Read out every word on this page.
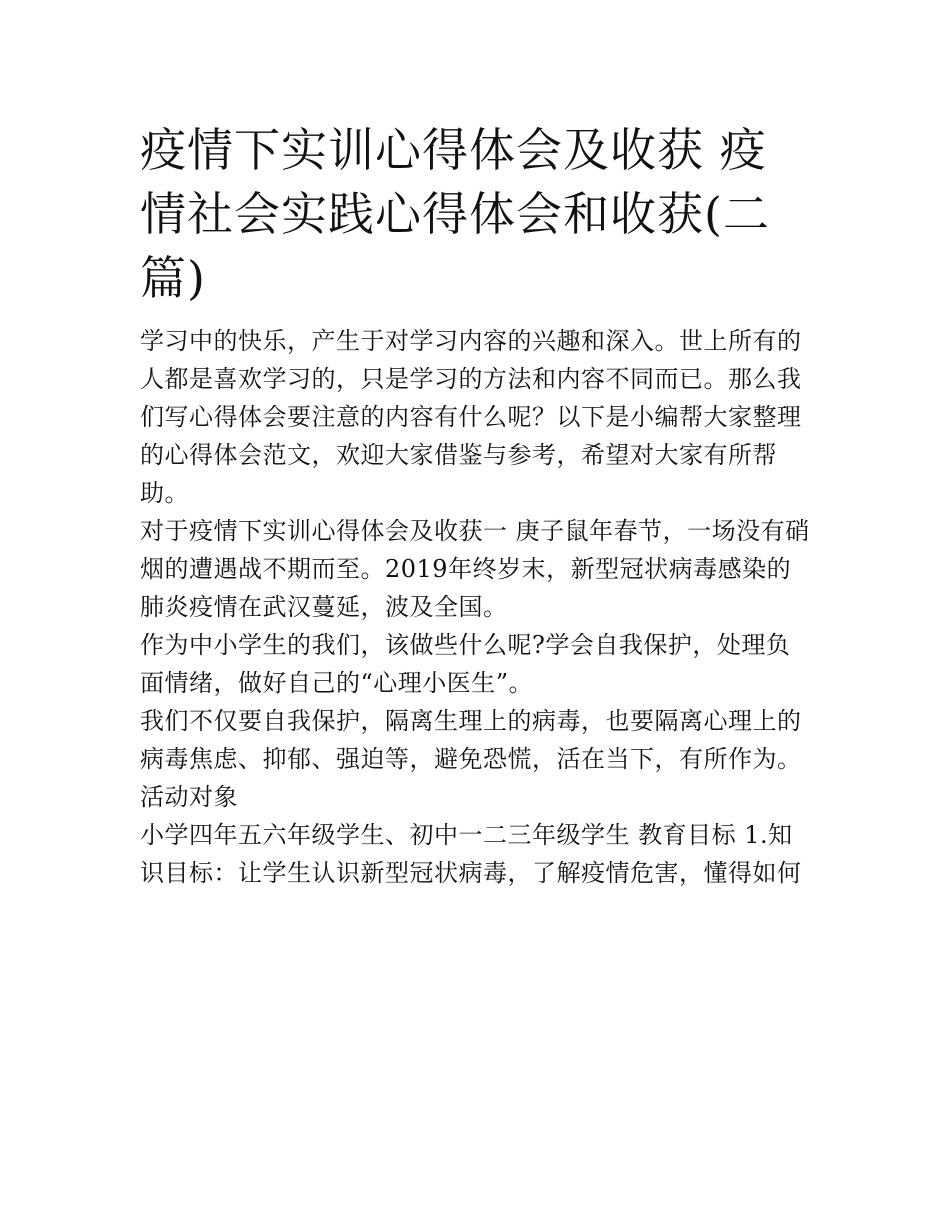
疫情下实训心得体会及收获 疫情社会实践心得体会和收获(二篇)

学习中的快乐，产生于对学习内容的兴趣和深入。世上所有的人都是喜欢学习的，只是学习的方法和内容不同而已。那么我们写心得体会要注意的内容有什么呢？以下是小编帮大家整理的心得体会范文，欢迎大家借鉴与参考，希望对大家有所帮助。

对于疫情下实训心得体会及收获一 庚子鼠年春节，一场没有硝烟的遭遇战不期而至。2019年终岁末，新型冠状病毒感染的肺炎疫情在武汉蔓延，波及全国。

作为中小学生的我们，该做些什么呢?学会自我保护，处理负面情绪，做好自己的“心理小医生”。

我们不仅要自我保护，隔离生理上的病毒，也要隔离心理上的病毒焦虑、抑郁、强迫等，避免恐慌，活在当下，有所作为。

活动对象

小学四年五六年级学生、初中一二三年级学生 教育目标 1.知识目标：让学生认识新型冠状病毒，了解疫情危害，懂得如何
